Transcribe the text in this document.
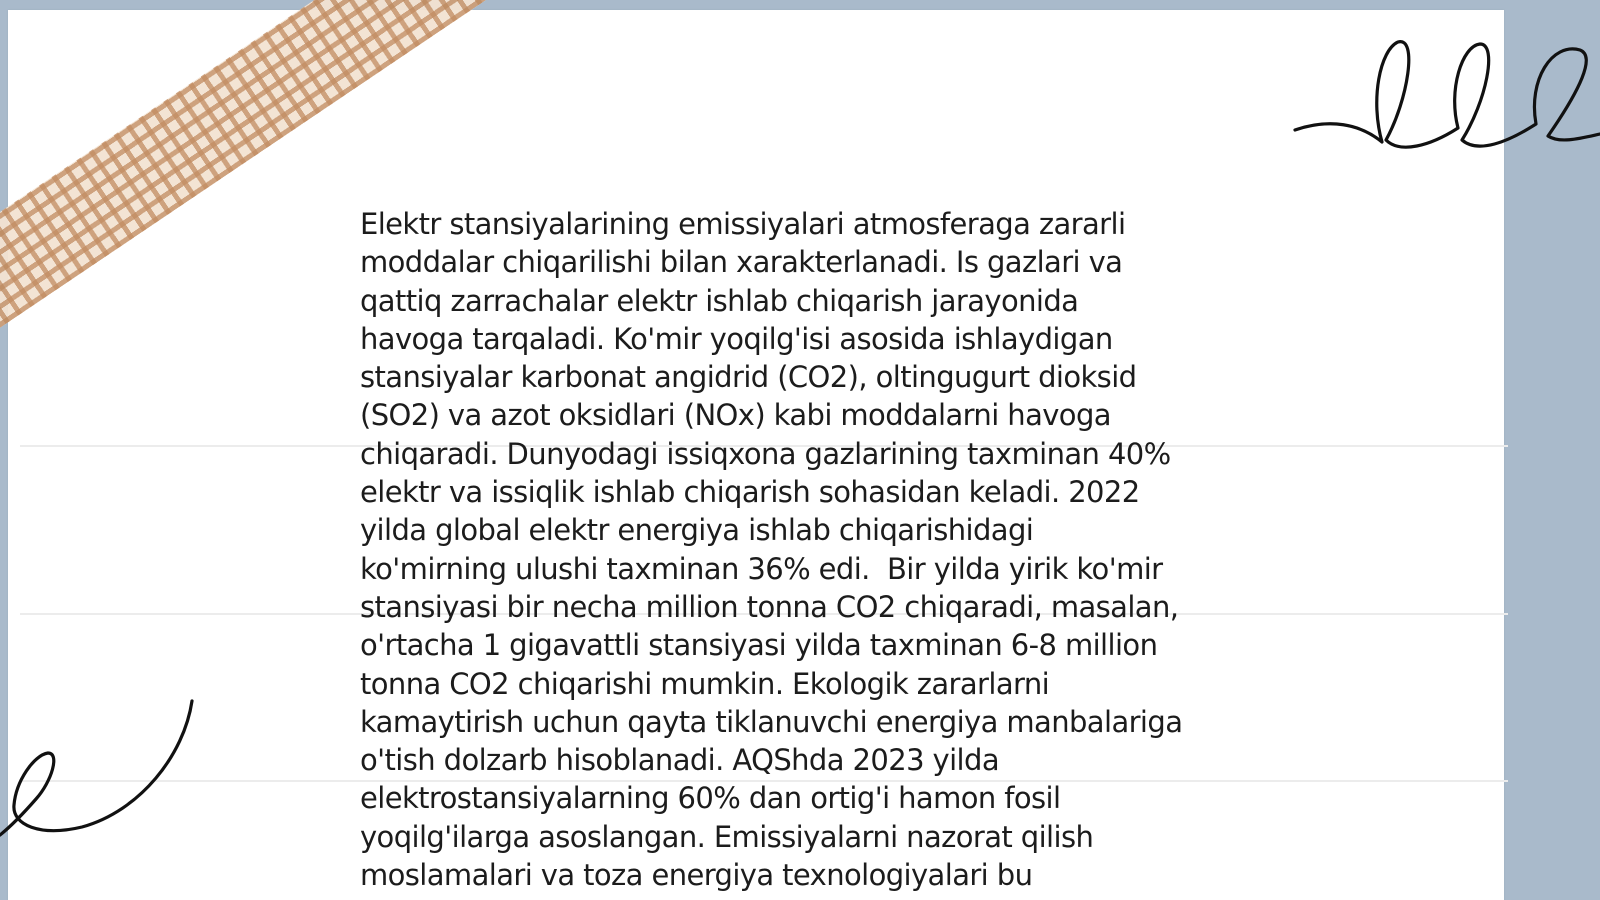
Elektr stansiyalarining emissiyalari atmosferaga zararli
moddalar chiqarilishi bilan xarakterlanadi. Is gazlari va
qattiq zarrachalar elektr ishlab chiqarish jarayonida
havoga tarqaladi. Ko'mir yoqilg'isi asosida ishlaydigan
stansiyalar karbonat angidrid (CO2), oltingugurt dioksid
(SO2) va azot oksidlari (NOx) kabi moddalarni havoga
chiqaradi. Dunyodagi issiqxona gazlarining taxminan 40%
elektr va issiqlik ishlab chiqarish sohasidan keladi. 2022
yilda global elektr energiya ishlab chiqarishidagi
ko'mirning ulushi taxminan 36% edi.  Bir yilda yirik ko'mir
stansiyasi bir necha million tonna CO2 chiqaradi, masalan,
o'rtacha 1 gigavattli stansiyasi yilda taxminan 6-8 million
tonna CO2 chiqarishi mumkin. Ekologik zararlarni
kamaytirish uchun qayta tiklanuvchi energiya manbalariga
o'tish dolzarb hisoblanadi. AQShda 2023 yilda
elektrostansiyalarning 60% dan ortig'i hamon fosil
yoqilg'ilarga asoslangan. Emissiyalarni nazorat qilish
moslamalari va toza energiya texnologiyalari bu
